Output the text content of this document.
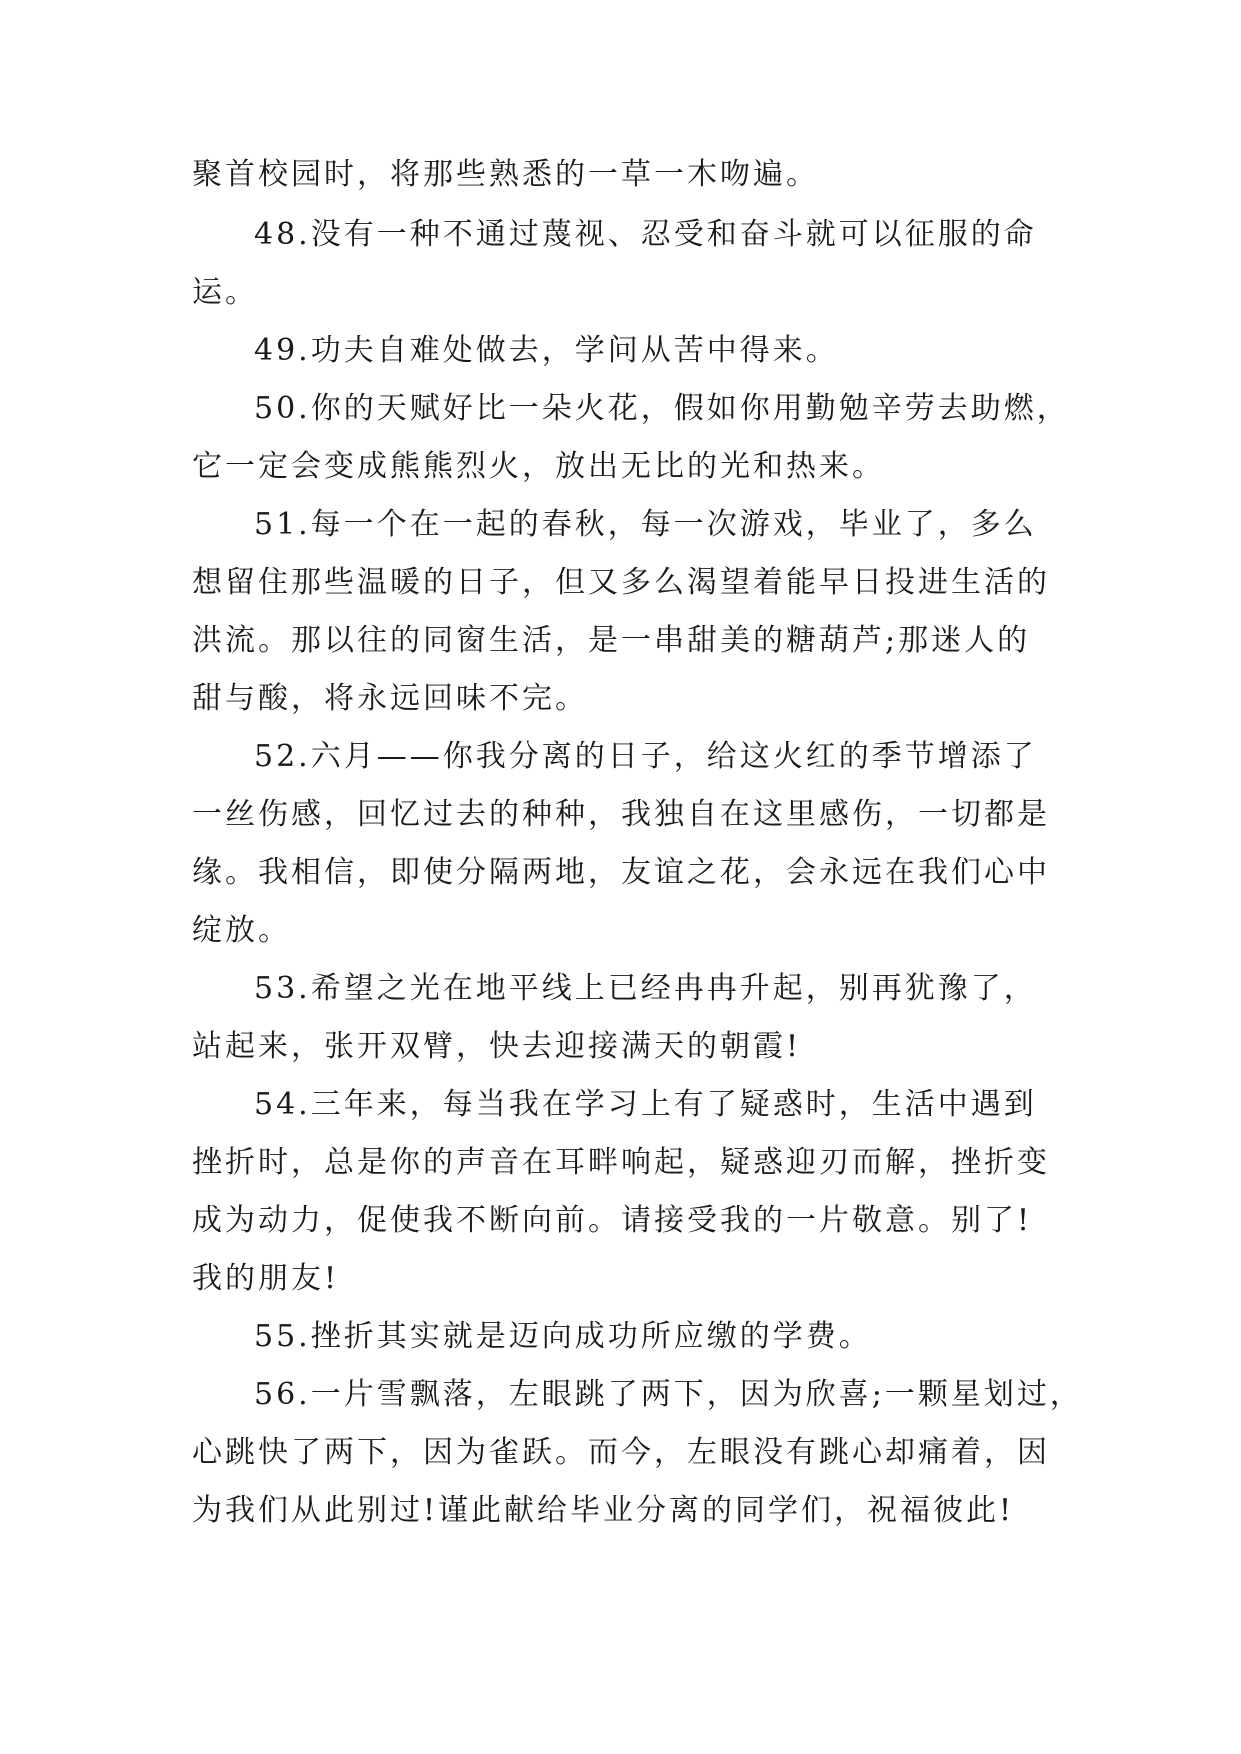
聚首校园时，将那些熟悉的一草一木吻遍。
48.没有一种不通过蔑视、忍受和奋斗就可以征服的命
运。
49.功夫自难处做去，学问从苦中得来。
50.你的天赋好比一朵火花，假如你用勤勉辛劳去助燃，
它一定会变成熊熊烈火，放出无比的光和热来。
51.每一个在一起的春秋，每一次游戏，毕业了，多么
想留住那些温暖的日子，但又多么渴望着能早日投进生活的
洪流。那以往的同窗生活，是一串甜美的糖葫芦;那迷人的
甜与酸，将永远回味不完。
52.六月——你我分离的日子，给这火红的季节增添了
一丝伤感，回忆过去的种种，我独自在这里感伤，一切都是
缘。我相信，即使分隔两地，友谊之花，会永远在我们心中
绽放。
53.希望之光在地平线上已经冉冉升起，别再犹豫了，
站起来，张开双臂，快去迎接满天的朝霞!
54.三年来，每当我在学习上有了疑惑时，生活中遇到
挫折时，总是你的声音在耳畔响起，疑惑迎刃而解，挫折变
成为动力，促使我不断向前。请接受我的一片敬意。别了!
我的朋友!
55.挫折其实就是迈向成功所应缴的学费。
56.一片雪飘落，左眼跳了两下，因为欣喜;一颗星划过，
心跳快了两下，因为雀跃。而今，左眼没有跳心却痛着，因
为我们从此别过!谨此献给毕业分离的同学们，祝福彼此!
